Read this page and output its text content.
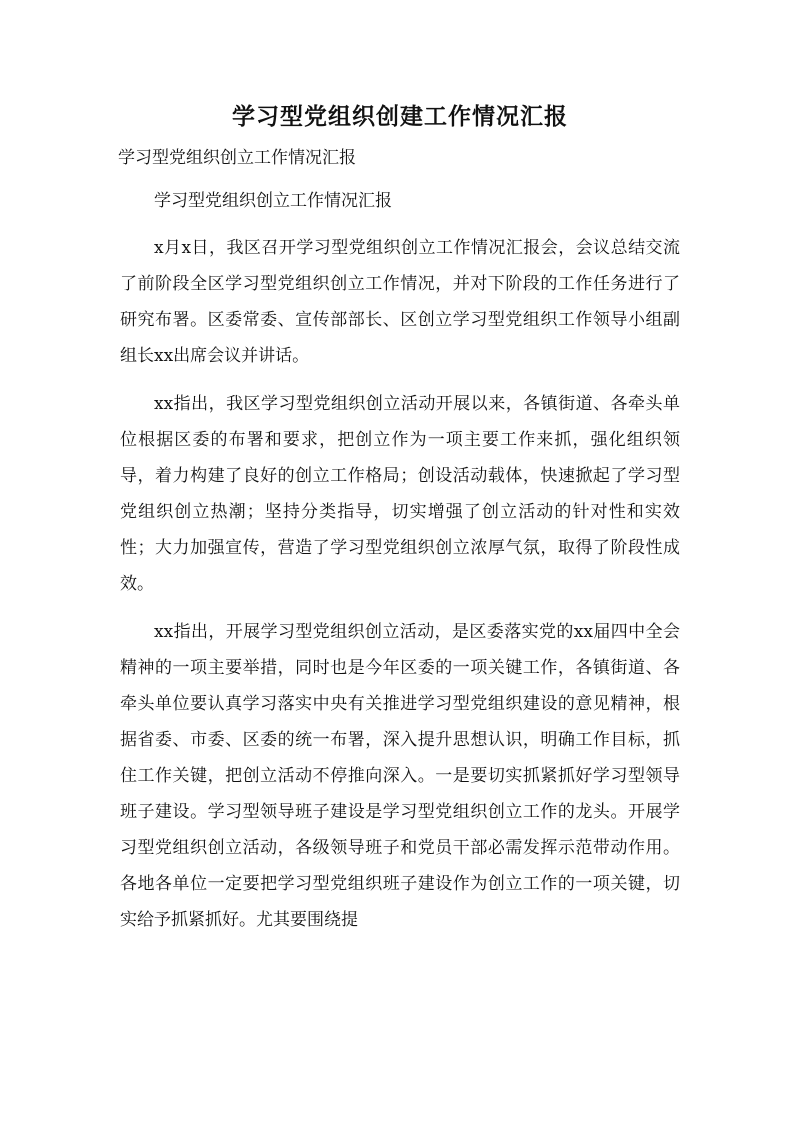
学习型党组织创建工作情况汇报

学习型党组织创立工作情况汇报

学习型党组织创立工作情况汇报

x月x日，我区召开学习型党组织创立工作情况汇报会，会议总结交流了前阶段全区学习型党组织创立工作情况，并对下阶段的工作任务进行了研究布署。区委常委、宣传部部长、区创立学习型党组织工作领导小组副组长xx出席会议并讲话。

xx指出，我区学习型党组织创立活动开展以来，各镇街道、各牵头单位根据区委的布署和要求，把创立作为一项主要工作来抓，强化组织领导，着力构建了良好的创立工作格局；创设活动载体，快速掀起了学习型党组织创立热潮；坚持分类指导，切实增强了创立活动的针对性和实效性；大力加强宣传，营造了学习型党组织创立浓厚气氛，取得了阶段性成效。

xx指出，开展学习型党组织创立活动，是区委落实党的xx届四中全会精神的一项主要举措，同时也是今年区委的一项关键工作，各镇街道、各牵头单位要认真学习落实中央有关推进学习型党组织建设的意见精神，根据省委、市委、区委的统一布署，深入提升思想认识，明确工作目标，抓住工作关键，把创立活动不停推向深入。一是要切实抓紧抓好学习型领导班子建设。学习型领导班子建设是学习型党组织创立工作的龙头。开展学习型党组织创立活动，各级领导班子和党员干部必需发挥示范带动作用。各地各单位一定要把学习型党组织班子建设作为创立工作的一项关键，切实给予抓紧抓好。尤其要围绕提
